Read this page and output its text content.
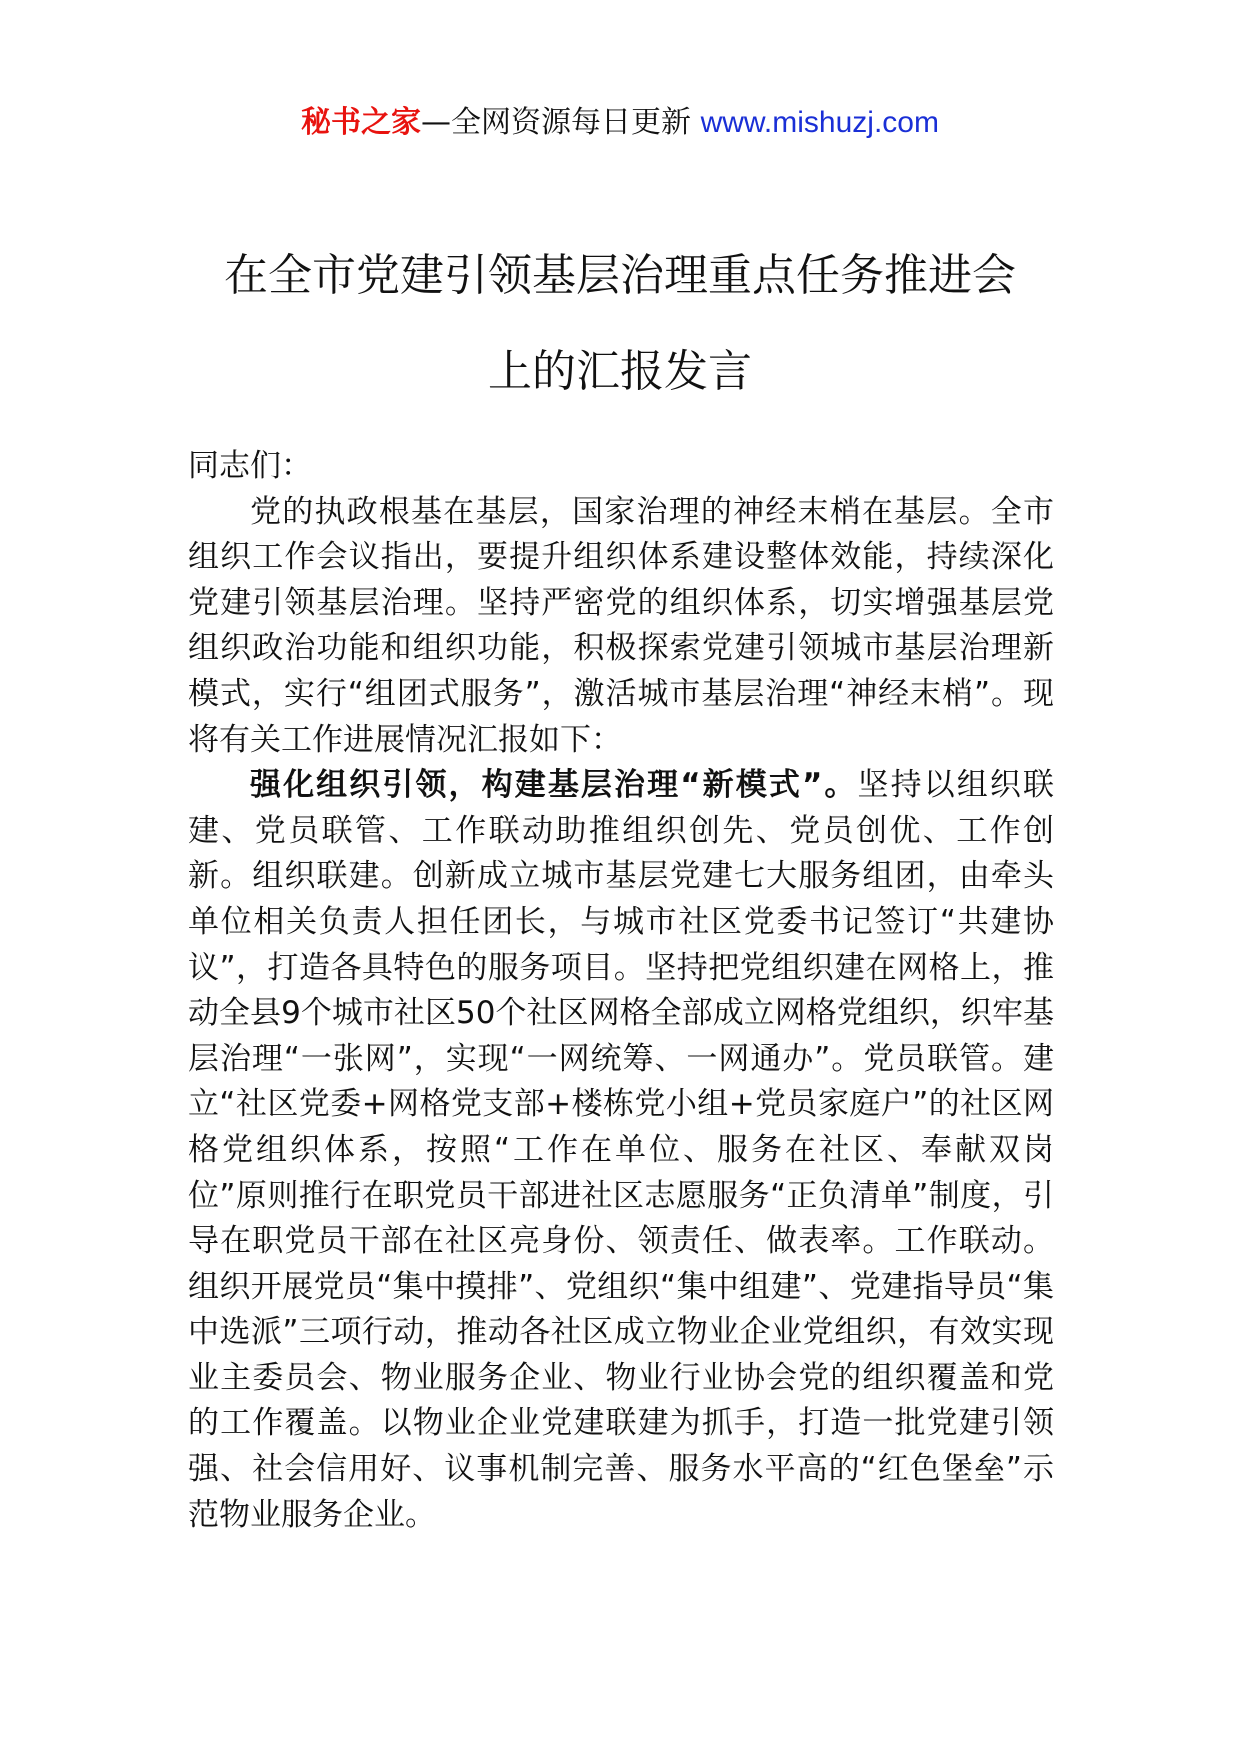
秘书之家—全网资源每日更新 www.mishuzj.com
在全市党建引领基层治理重点任务推进会
上的汇报发言

同志们：

党的执政根基在基层，国家治理的神经末梢在基层。全市组织工作会议指出，要提升组织体系建设整体效能，持续深化党建引领基层治理。坚持严密党的组织体系，切实增强基层党组织政治功能和组织功能，积极探索党建引领城市基层治理新模式，实行“组团式服务”，激活城市基层治理“神经末梢”。现将有关工作进展情况汇报如下：

强化组织引领，构建基层治理“新模式”。坚持以组织联建、党员联管、工作联动助推组织创先、党员创优、工作创新。组织联建。创新成立城市基层党建七大服务组团，由牵头单位相关负责人担任团长，与城市社区党委书记签订“共建协议”，打造各具特色的服务项目。坚持把党组织建在网格上，推动全县9个城市社区50个社区网格全部成立网格党组织，织牢基层治理“一张网”，实现“一网统筹、一网通办”。党员联管。建立“社区党委+网格党支部+楼栋党小组+党员家庭户”的社区网格党组织体系，按照“工作在单位、服务在社区、奉献双岗位”原则推行在职党员干部进社区志愿服务“正负清单”制度，引导在职党员干部在社区亮身份、领责任、做表率。工作联动。组织开展党员“集中摸排”、党组织“集中组建”、党建指导员“集中选派”三项行动，推动各社区成立物业企业党组织，有效实现业主委员会、物业服务企业、物业行业协会党的组织覆盖和党的工作覆盖。以物业企业党建联建为抓手，打造一批党建引领强、社会信用好、议事机制完善、服务水平高的“红色堡垒”示范物业服务企业。
